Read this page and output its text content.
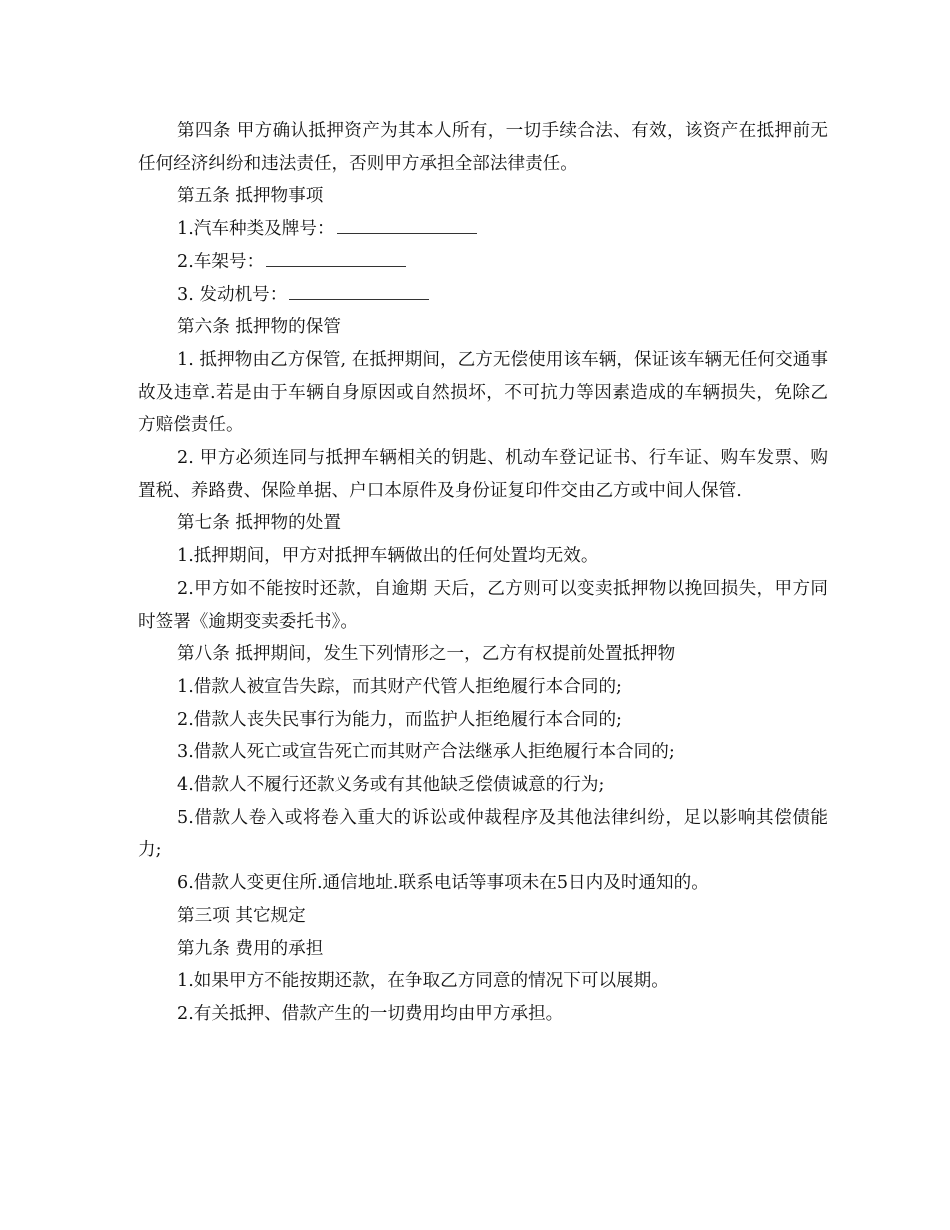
第四条 甲方确认抵押资产为其本人所有，一切手续合法、有效，该资产在抵押前无任何经济纠纷和违法责任，否则甲方承担全部法律责任。

第五条 抵押物事项

1.汽车种类及牌号：

2.车架号：

3. 发动机号：

第六条 抵押物的保管

1. 抵押物由乙方保管, 在抵押期间，乙方无偿使用该车辆，保证该车辆无任何交通事故及违章.若是由于车辆自身原因或自然损坏，不可抗力等因素造成的车辆损失，免除乙方赔偿责任。

2. 甲方必须连同与抵押车辆相关的钥匙、机动车登记证书、行车证、购车发票、购置税、养路费、保险单据、户口本原件及身份证复印件交由乙方或中间人保管.

第七条 抵押物的处置

1.抵押期间，甲方对抵押车辆做出的任何处置均无效。

2.甲方如不能按时还款，自逾期 天后，乙方则可以变卖抵押物以挽回损失，甲方同时签署《逾期变卖委托书》。

第八条 抵押期间，发生下列情形之一，乙方有权提前处置抵押物

1.借款人被宣告失踪，而其财产代管人拒绝履行本合同的;

2.借款人丧失民事行为能力，而监护人拒绝履行本合同的;

3.借款人死亡或宣告死亡而其财产合法继承人拒绝履行本合同的;

4.借款人不履行还款义务或有其他缺乏偿债诚意的行为;

5.借款人卷入或将卷入重大的诉讼或仲裁程序及其他法律纠纷，足以影响其偿债能力;

6.借款人变更住所.通信地址.联系电话等事项未在5日内及时通知的。

第三项 其它规定

第九条 费用的承担

1.如果甲方不能按期还款，在争取乙方同意的情况下可以展期。

2.有关抵押、借款产生的一切费用均由甲方承担。
